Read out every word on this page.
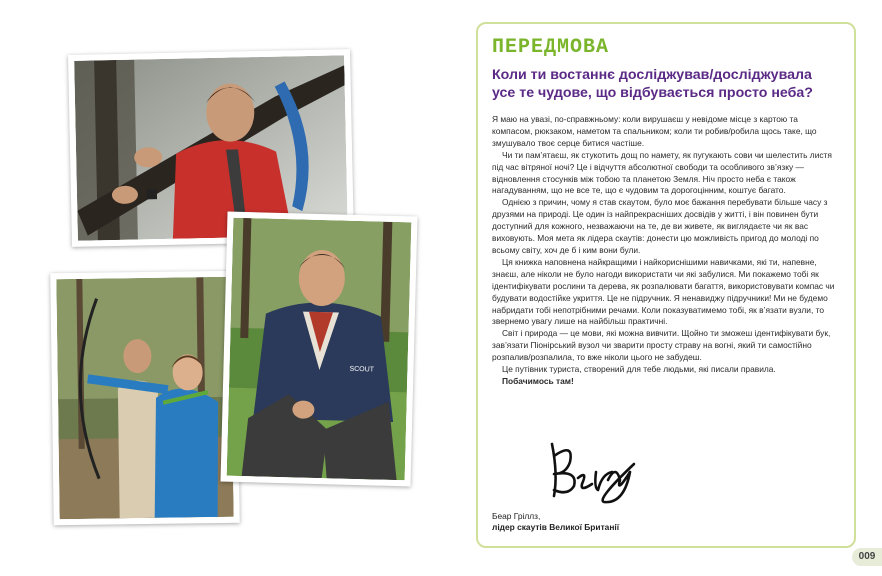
SCOUT
ПЕРЕДМОВА
Коли ти востаннє досліджував/досліджувала усе те чудове, що відбувається просто неба?

Я маю на увазі, по-справжньому: коли вирушаєш у невідоме місце з картою та компасом, рюкзаком, наметом та спальником; коли ти робив/робила щось таке, що змушувало твоє серце битися частіше.

Чи ти пам’ятаєш, як стукотить дощ по намету, як пугукають сови чи шелестить листя під час вітряної ночі? Це і відчуття абсолютної свободи та особливого зв’язку — відновлення стосунків між тобою та планетою Земля. Ніч просто неба є також нагадуванням, що не все те, що є чудовим та дорогоцінним, коштує багато.

Однією з причин, чому я став скаутом, було моє бажання перебувати більше часу з друзями на природі. Це один із найпрекрасніших досвідів у житті, і він повинен бути доступний для кожного, незважаючи на те, де ви живете, як виглядаєте чи як вас виховують. Моя мета як лідера скаутів: донести цю можливість пригод до молоді по всьому світу, хоч де б і ким вони були.

Ця книжка наповнена найкращими і найкориснішими навичками, які ти, напевне, знаєш, але ніколи не було нагоди використати чи які забулися. Ми покажемо тобі як ідентифікувати рослини та дерева, як розпалювати багаття, використовувати компас чи будувати водостійке укриття. Це не підручник. Я ненавиджу підручники! Ми не будемо набридати тобі непотрібними речами. Коли показуватимемо тобі, як в’язати вузли, то звернемо увагу лише на найбільш практичні.

Світ і природа — це мови, які можна вивчити. Щойно ти зможеш ідентифікувати бук, зав’язати Піонірський вузол чи зварити просту страву на вогні, який ти самостійно розпалив/розпалила, то вже ніколи цього не забудеш.

Це путівник туриста, створений для тебе людьми, які писали правила.

Побачимось там!

Беар Гріллз,
лідер скаутів Великої Британії
009
